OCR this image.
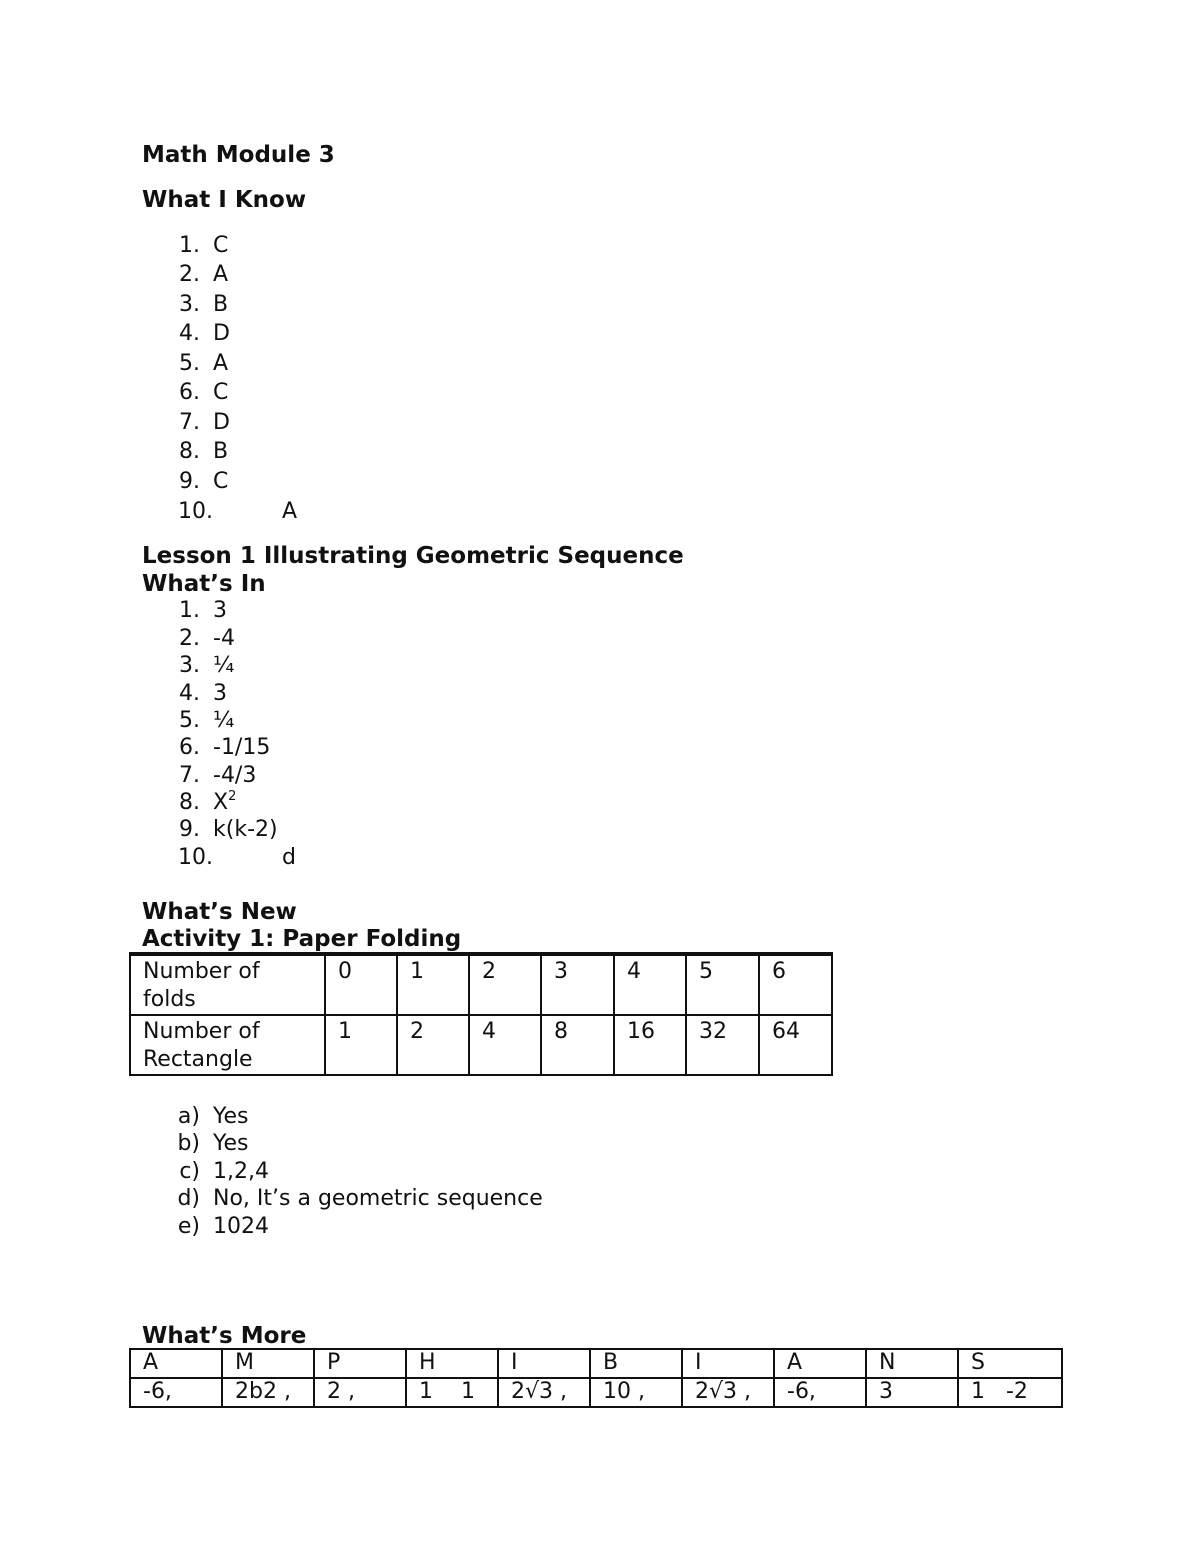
Math Module 3
What I Know
1. C
2. A
3. B
4. D
5. A
6. C
7. D
8. B
9. C
10.	A
Lesson 1 Illustrating Geometric Sequence
What’s In
1. 3
2. -4
3. ¼
4. 3
5. ¼
6. -1/15
7. -4/3
8. $X^2$
9. k(k-2)
10.	d
What’s New
Activity 1: Paper Folding
Number of
folds	0	1	2	3	4	5	6

Number of
Rectangle	1	2	4	8	16	32	64
a) Yes
b) Yes
c) 1,2,4
d) No, It’s a geometric sequence
e) 1024
What’s More
A	M	P	H	I	B	I	A	N	S
-6,	2b2 ,	2 ,	1    1	2√3 ,	10 ,	2√3 ,	-6,	3	1   -2
